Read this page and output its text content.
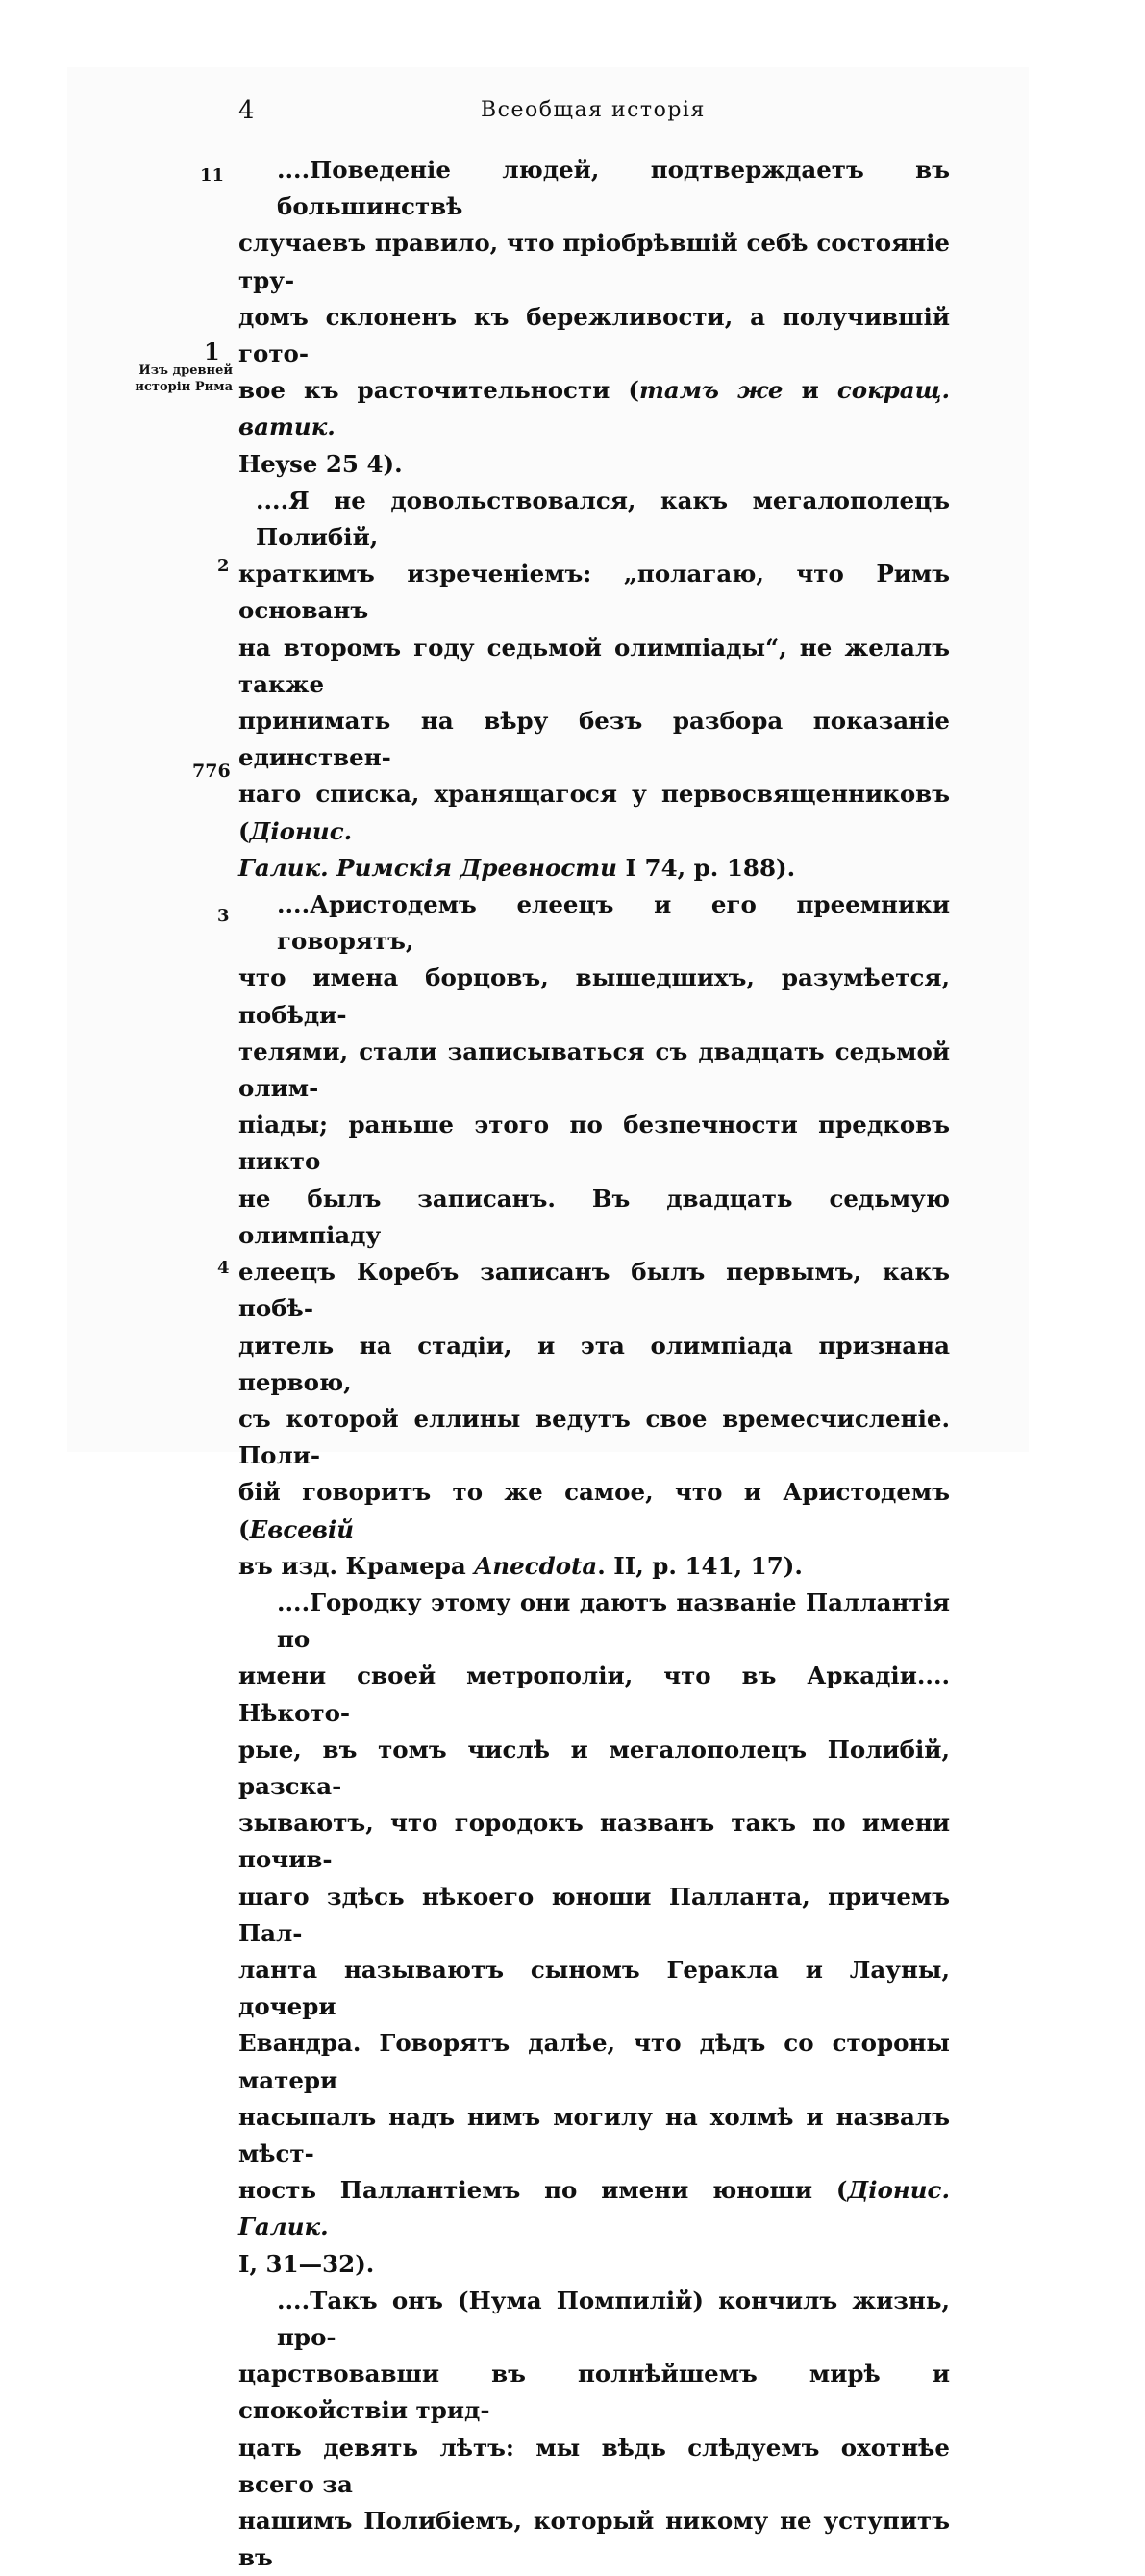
4	Всеобщая исторія
11
1
Изъ древней исторіи Рима
2
776
3
4
....Поведеніе людей, подтверждаетъ въ большинствѣ
случаевъ правило, что пріобрѣвшій себѣ состояніе тру-
домъ склоненъ къ бережливости, а получившій гото-
вое къ расточительности (тамъ же и сокращ. ватик.
Heyse 25 4).
....Я не довольствовался, какъ мегалополецъ Полибій,
краткимъ изреченіемъ: „полагаю, что Римъ основанъ
на второмъ году седьмой олимпіады“, не желалъ также
принимать на вѣру безъ разбора показаніе единствен-
наго списка, хранящагося у первосвященниковъ (Діонис.
Галик. Римскія Древности I 74, p. 188).
....Аристодемъ елеецъ и его преемники говорятъ,
что имена борцовъ, вышедшихъ, разумѣется, побѣди-
телями, стали записываться съ двадцать седьмой олим-
піады; раньше этого по безпечности предковъ никто
не былъ записанъ. Въ двадцать седьмую олимпіаду
елеецъ Коребъ записанъ былъ первымъ, какъ побѣ-
дитель на стадіи, и эта олимпіада признана первою,
съ которой еллины ведутъ свое времесчисленіе. Поли-
бій говоритъ то же самое, что и Аристодемъ (Евсевій
въ изд. Крамера Anecdota. II, p. 141, 17).
....Городку этому они даютъ названіе Паллантія по
имени своей метрополіи, что въ Аркадіи.... Нѣкото-
рые, въ томъ числѣ и мегалополецъ Полибій, разска-
зываютъ, что городокъ названъ такъ по имени почив-
шаго здѣсь нѣкоего юноши Палланта, причемъ Пал-
ланта называютъ сыномъ Геракла и Лауны, дочери
Евандра. Говорятъ далѣе, что дѣдъ со стороны матери
насыпалъ надъ нимъ могилу на холмѣ и назвалъ мѣст-
ность Паллантіемъ по имени юноши (Діонис. Галик.
I, 31—32).
....Такъ онъ (Нума Помпилій) кончилъ жизнь, про-
царствовавши въ полнѣйшемъ мирѣ и спокойствіи трид-
цать девять лѣтъ: мы вѣдь слѣдуемъ охотнѣе всего за
нашимъ Полибіемъ, который никому не уступитъ въ
